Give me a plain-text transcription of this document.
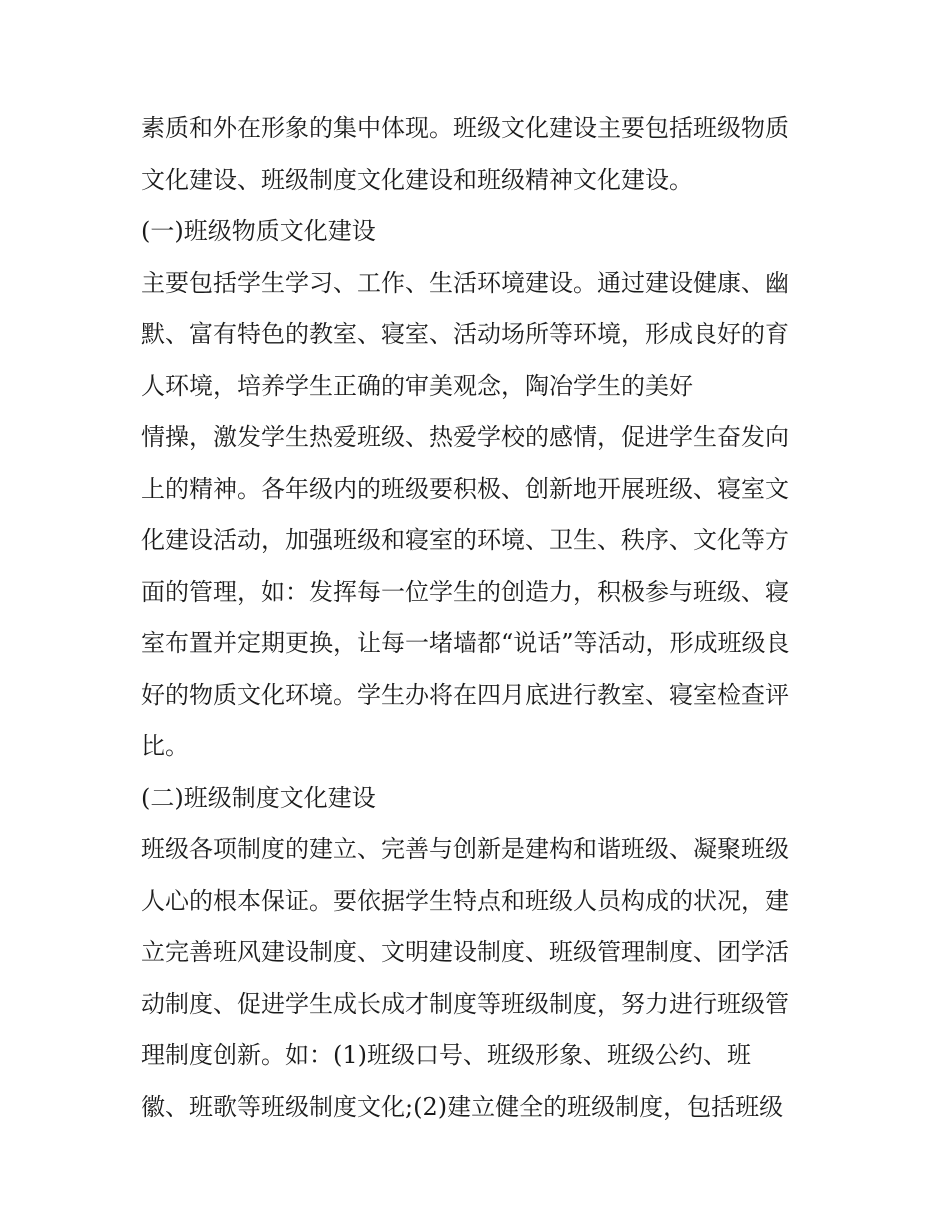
素质和外在形象的集中体现。班级文化建设主要包括班级物质
文化建设、班级制度文化建设和班级精神文化建设。
(一)班级物质文化建设
主要包括学生学习、工作、生活环境建设。通过建设健康、幽
默、富有特色的教室、寝室、活动场所等环境，形成良好的育
人环境，培养学生正确的审美观念，陶冶学生的美好
情操，激发学生热爱班级、热爱学校的感情，促进学生奋发向
上的精神。各年级内的班级要积极、创新地开展班级、寝室文
化建设活动，加强班级和寝室的环境、卫生、秩序、文化等方
面的管理，如：发挥每一位学生的创造力，积极参与班级、寝
室布置并定期更换，让每一堵墙都“说话”等活动，形成班级良
好的物质文化环境。学生办将在四月底进行教室、寝室检查评
比。
(二)班级制度文化建设
班级各项制度的建立、完善与创新是建构和谐班级、凝聚班级
人心的根本保证。要依据学生特点和班级人员构成的状况，建
立完善班风建设制度、文明建设制度、班级管理制度、团学活
动制度、促进学生成长成才制度等班级制度，努力进行班级管
理制度创新。如：(1)班级口号、班级形象、班级公约、班
徽、班歌等班级制度文化;(2)建立健全的班级制度，包括班级
